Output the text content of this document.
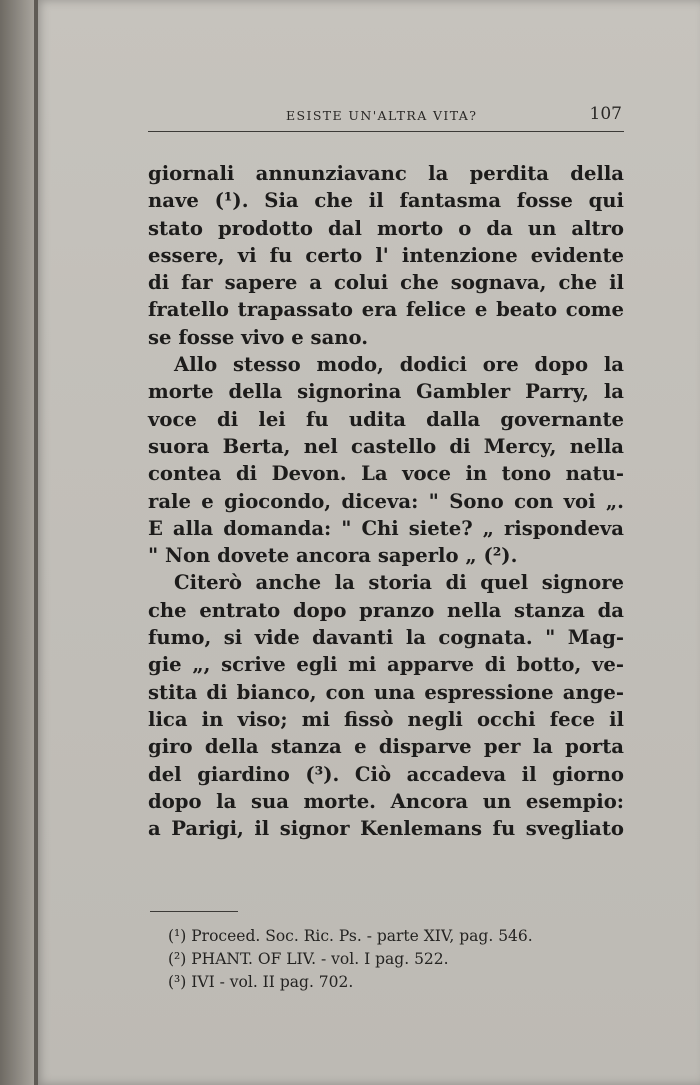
ESISTE UN'ALTRA VITA?	107
giornali annunziavanc la perdita della
nave (¹). Sia che il fantasma fosse qui
stato prodotto dal morto o da un altro
essere, vi fu certo l' intenzione evidente
di far sapere a colui che sognava, che il
fratello trapassato era felice e beato come
se fosse vivo e sano.
Allo stesso modo, dodici ore dopo la
morte della signorina Gambler Parry, la
voce di lei fu udita dalla governante
suora Berta, nel castello di Mercy, nella
contea di Devon. La voce in tono natu-
rale e giocondo, diceva: " Sono con voi „.
E alla domanda: " Chi siete? „ rispondeva
" Non dovete ancora saperlo „ (²).
Citerò anche la storia di quel signore
che entrato dopo pranzo nella stanza da
fumo, si vide davanti la cognata. " Mag-
gie „, scrive egli mi apparve di botto, ve-
stita di bianco, con una espressione ange-
lica in viso; mi fissò negli occhi fece il
giro della stanza e disparve per la porta
del giardino (³). Ciò accadeva il giorno
dopo la sua morte. Ancora un esempio:
a Parigi, il signor Kenlemans fu svegliato
(¹) Proceed. Soc. Ric. Ps. - parte XIV, pag. 546.
(²) PHANT. OF LIV. - vol. I pag. 522.
(³) IVI - vol. II pag. 702.
